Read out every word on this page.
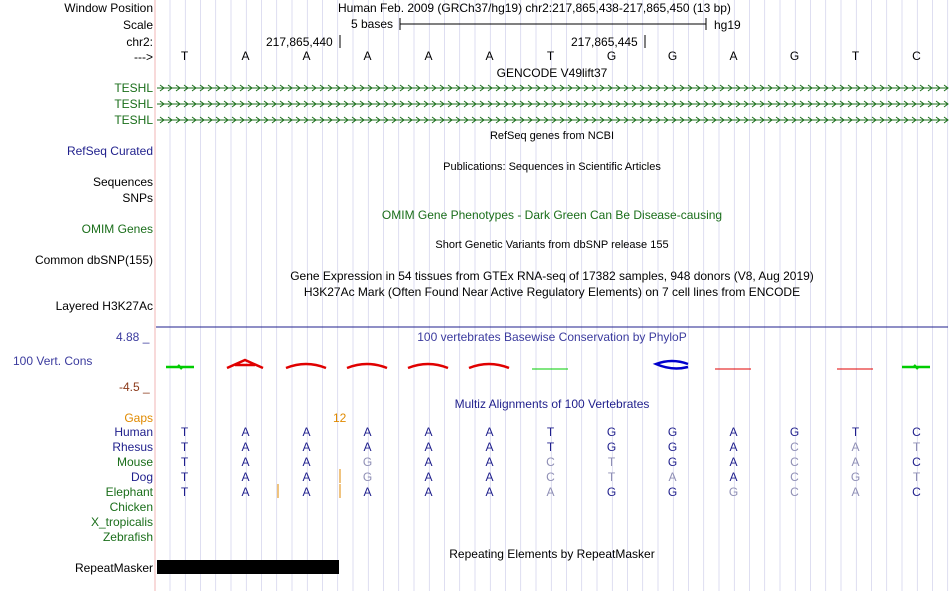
Window Position	Human Feb. 2009 (GRCh37/hg19) chr2:217,865,438-217,865,450 (13 bp)
Scale	5 bases	hg19
chr2:	217,865,440	217,865,445
--->	T	A	A	A	A	A	T	G	G	A	G	T	C
GENCODE V49lift37
TESHL
TESHL
TESHL
RefSeq genes from NCBI
RefSeq Curated
Publications: Sequences in Scientific Articles
Sequences
SNPs
OMIM Gene Phenotypes - Dark Green Can Be Disease-causing
OMIM Genes
Short Genetic Variants from dbSNP release 155
Common dbSNP(155)
Gene Expression in 54 tissues from GTEx RNA-seq of 17382 samples, 948 donors (V8, Aug 2019)
H3K27Ac Mark (Often Found Near Active Regulatory Elements) on 7 cell lines from ENCODE
Layered H3K27Ac
100 vertebrates Basewise Conservation by PhyloP
4.88 _
100 Vert. Cons
-4.5 _
Multiz Alignments of 100 Vertebrates
Gaps	12
Human	T	A	A	A	A	A	T	G	G	A	G	T	C
Rhesus	T	A	A	A	A	A	T	G	G	A	C	A	T
Mouse	T	A	A	G	A	A	C	T	G	A	C	A	C
Dog	T	A	A	G	A	A	C	T	A	A	C	G	T
Elephant	T	A	A	A	A	A	A	G	G	G	C	A	C
Chicken
X_tropicalis
Zebrafish
Repeating Elements by RepeatMasker
RepeatMasker
